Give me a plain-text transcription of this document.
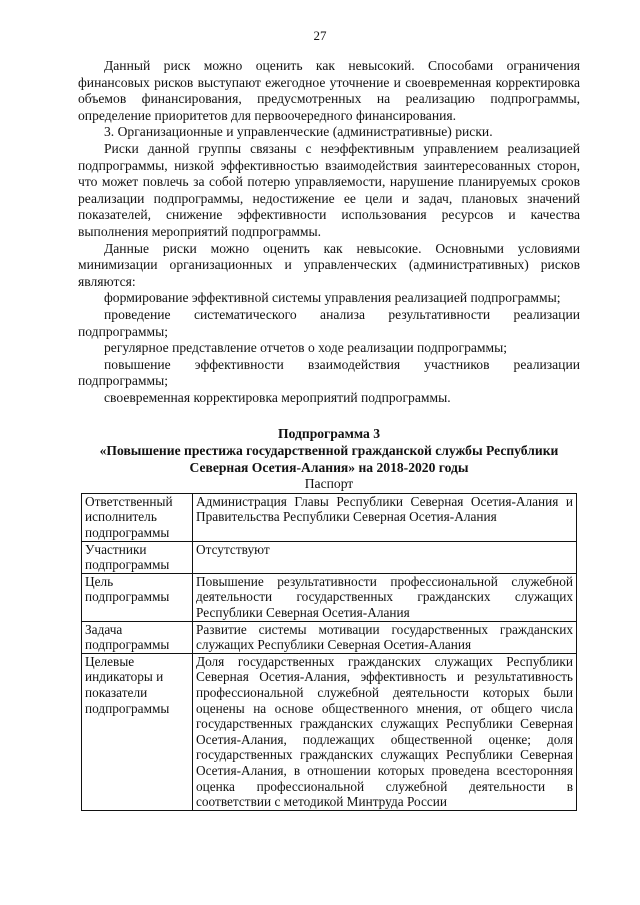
27

Данный риск можно оценить как невысокий. Способами ограничения финансовых рисков выступают ежегодное уточнение и своевременная корректировка объемов финансирования, предусмотренных на реализацию подпрограммы, определение приоритетов для первоочередного финансирования.

3. Организационные и управленческие (административные) риски.

Риски данной группы связаны с неэффективным управлением реализацией подпрограммы, низкой эффективностью взаимодействия заинтересованных сторон, что может повлечь за собой потерю управляемости, нарушение планируемых сроков реализации подпрограммы, недостижение ее цели и задач, плановых значений показателей, снижение эффективности использования ресурсов и качества выполнения мероприятий подпрограммы.

Данные риски можно оценить как невысокие. Основными условиями минимизации организационных и управленческих (административных) рисков являются:

формирование эффективной системы управления реализацией подпрограммы;

проведение систематического анализа результативности реализации подпрограммы;

регулярное представление отчетов о ходе реализации подпрограммы;

повышение эффективности взаимодействия участников реализации подпрограммы;

своевременная корректировка мероприятий подпрограммы.

Подпрограмма 3

«Повышение престижа государственной гражданской службы Республики Северная Осетия-Алания» на 2018-2020 годы

Паспорт

Ответственный исполнитель подпрограммы	Администрация Главы Республики Северная Осетия-Алания и Правительства Республики Северная Осетия-Алания
Участники подпрограммы	Отсутствуют
Цель подпрограммы	Повышение результативности профессиональной служебной деятельности государственных гражданских служащих Республики Северная Осетия-Алания
Задача подпрограммы	Развитие системы мотивации государственных гражданских служащих Республики Северная Осетия-Алания
Целевые индикаторы и показатели подпрограммы	Доля государственных гражданских служащих Республики Северная Осетия-Алания, эффективность и результативность профессиональной служебной деятельности которых были оценены на основе общественного мнения, от общего числа государственных гражданских служащих Республики Северная Осетия-Алания, подлежащих общественной оценке; доля государственных гражданских служащих Республики Северная Осетия-Алания, в отношении которых проведена всесторонняя оценка профессиональной служебной деятельности в соответствии с методикой Минтруда России
